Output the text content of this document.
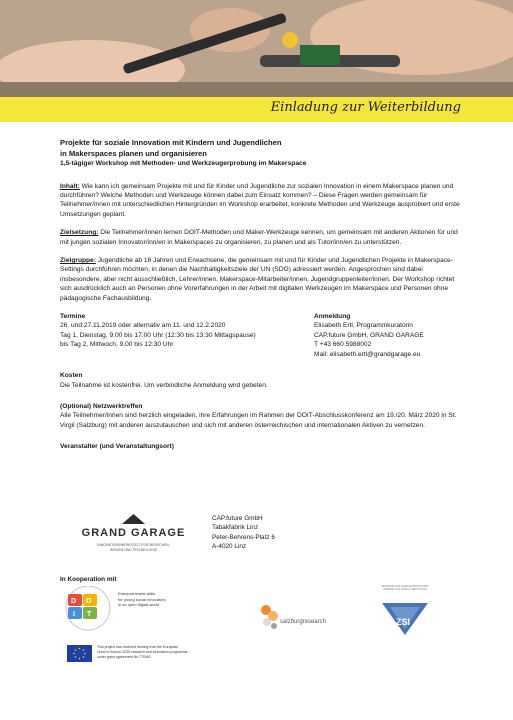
Einladung zur Weiterbildung
Projekte für soziale Innovation mit Kindern und Jugendlichen
in Makerspaces planen und organisieren
1,5-tägiger Workshop mit Methoden- und Werkzeugerprobung im Makerspace
Inhalt: Wie kann ich gemeinsam Projekte mit und für Kinder und Jugendliche zur sozialen Innovation in einem Makerspace planen und durchführen? Welche Methoden und Werkzeuge können dabei zum Einsatz kommen? – Diese Fragen werden gemeinsam für Teilnehmer/innen mit unterschiedlichen Hintergründen im Workshop erarbeitet, konkrete Methoden und Werkzeuge ausprobiert und erste Umsetzungen geplant.
Zielsetzung: Die Teilnehmer/innen lernen DOIT-Methoden und Maker-Werkzeuge kennen, um gemeinsam mit anderen Aktionen für und mit jungen sozialen Innovator/inn/en in Makerspaces zu organisieren, zu planen und als Tutor/inn/en zu unterstützen.
Zielgruppe: Jugendliche ab 16 Jahren und Erwachsene, die gemeinsam mit und für Kinder und Jugendlichen Projekte in Makerspace-Settings durchführen möchten, in denen die Nachhaltigkeitsziele der UN (SDG) adressiert werden. Angesprochen sind dabei insbesondere, aber nicht ausschließlich, Lehrer/innen, Makerspace-Mitarbeiter/innen, Jugendgruppenleiter/innen. Der Workshop richtet sich ausdrücklich auch an Personen ohne Vorerfahrungen in der Arbeit mit digitalen Werkzeugen im Makerspace und Personen ohne pädagogische Fachausbildung.
Termine
26. und 27.11.2019 oder alternativ am 11. und 12.2.2020
Tag 1, Dienstag, 9.00 bis 17.00 Uhr (12:30 bis 13:30 Mittagspause)
bis Tag 2, Mittwoch, 9.00 bis 12:30 Uhr
Anmeldung
Elisabeth Ertl, Programmkuratorin
CAP.future GmbH, GRAND GARAGE
T +43 660 5988002
Mail: elisabeth.ertl@grandgarage.eu
Kosten
Die Teilnahme ist kostenfrei. Um verbindliche Anmeldung wird gebeten.
(Optional) Netzwerktreffen
Alle Teilnehmer/innen sind herzlich eingeladen, ihre Erfahrungen im Rahmen der DOIT-Abschlusskonferenz am 19./20. März 2020 in St. Virgil (Salzburg) mit anderen auszutauschen und sich mit anderen österreichischen und internationalen Aktiven zu vernetzen.
Veranstalter (und Veranstaltungsort)
GRAND GARAGE
INNOVATIONSWERKSTATT FÜR MENSCHEN,
WISSEN UND TECHNOLOGIE
CAP.future GmbH
Tabakfabrik Linz
Peter-Behrens-Platz 6
A-4020 Linz
In Kooperation mit
D O
I T
Entrepreneurial skills
for young social innovators
in an open digital world
This project has received funding from the European
Union's Horizon 2020 research and innovation programme
under grant agreement No 770063
salzburgresearch
ZENTRUM FÜR SOZIALE INNOVATION
CENTRE FOR SOCIAL INNOVATION
ZSI
